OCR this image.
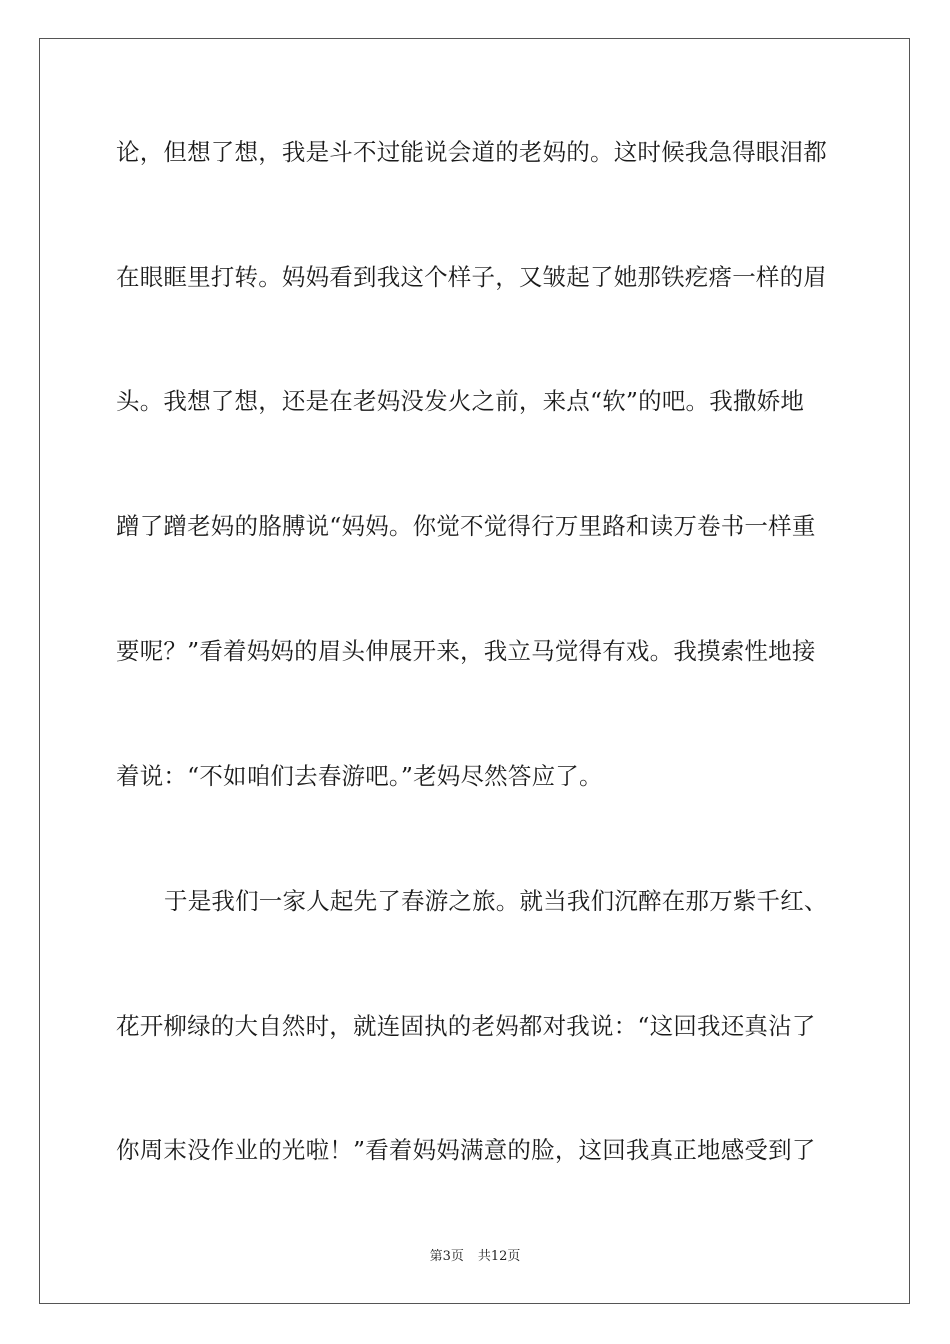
论，但想了想，我是斗不过能说会道的老妈的。这时候我急得眼泪都
在眼眶里打转。妈妈看到我这个样子，又皱起了她那铁疙瘩一样的眉
头。我想了想，还是在老妈没发火之前，来点“软”的吧。我撒娇地
蹭了蹭老妈的胳膊说“妈妈。你觉不觉得行万里路和读万卷书一样重
要呢？”看着妈妈的眉头伸展开来，我立马觉得有戏。我摸索性地接
着说：“不如咱们去春游吧。”老妈尽然答应了。
于是我们一家人起先了春游之旅。就当我们沉醉在那万紫千红、
花开柳绿的大自然时，就连固执的老妈都对我说：“这回我还真沾了
你周末没作业的光啦！”看着妈妈满意的脸，这回我真正地感受到了
第3页 共12页
